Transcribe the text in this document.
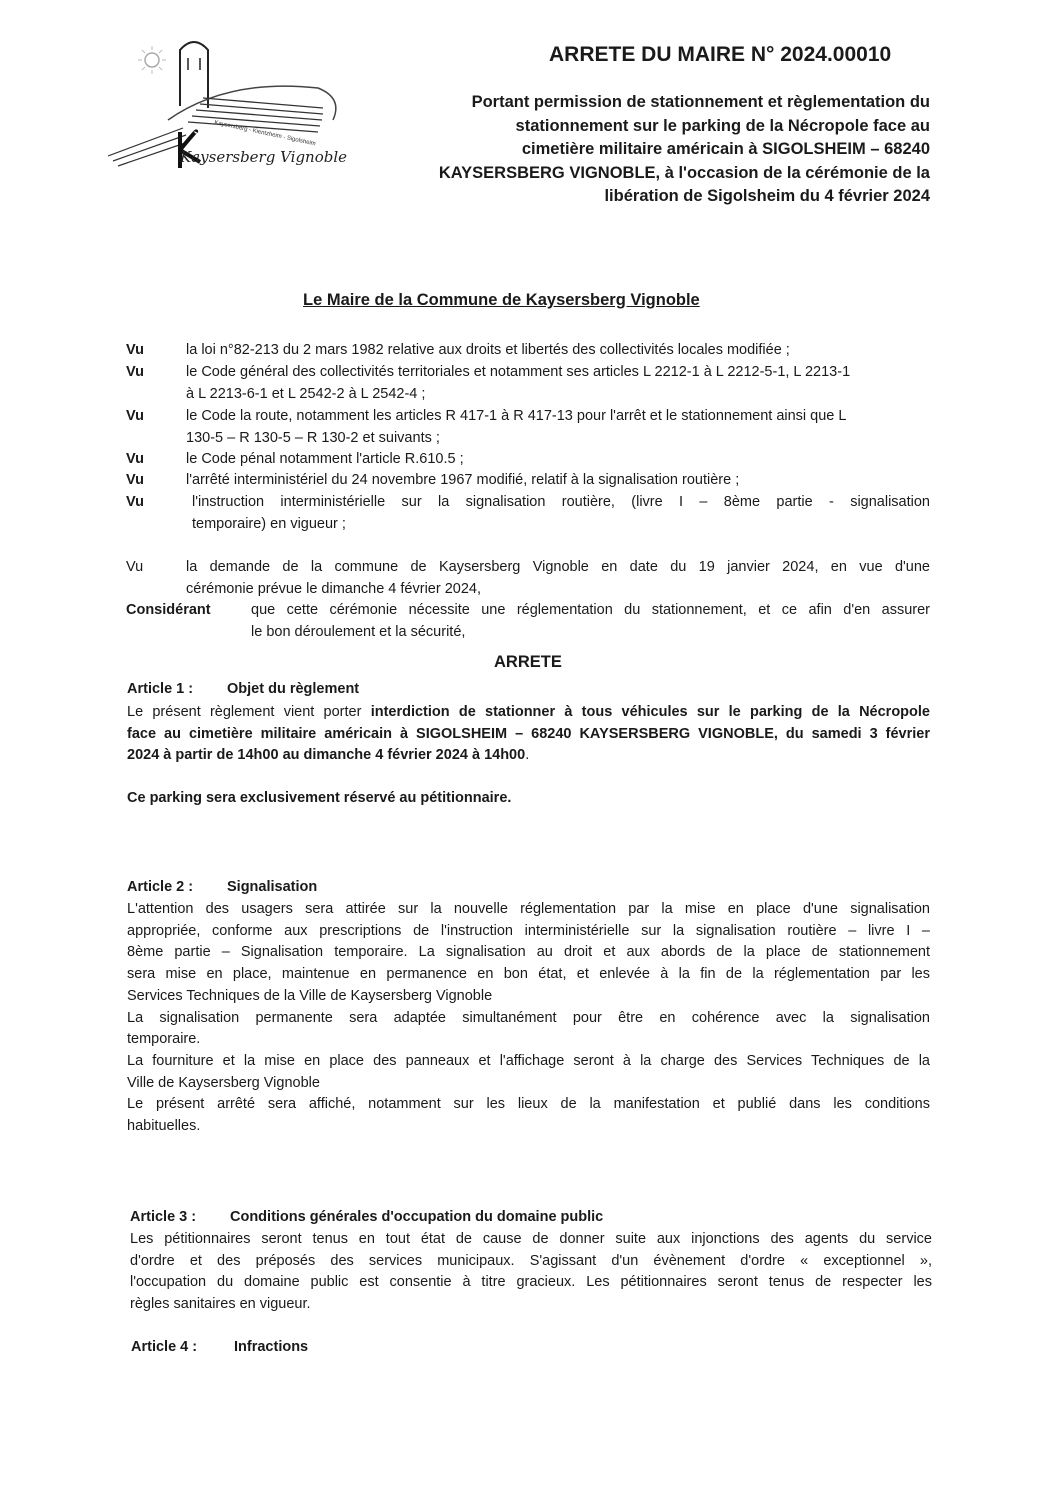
Kaysersberg - Kientzheim - Sigolsheim
Kaysersberg Vignoble
ARRETE DU MAIRE N° 2024.00010
Portant permission de stationnement et règlementation du
stationnement sur le parking de la Nécropole face au
cimetière militaire américain à SIGOLSHEIM – 68240
KAYSERSBERG VIGNOBLE, à l'occasion de la cérémonie de la
libération de Sigolsheim du 4 février 2024
Le Maire de la Commune de Kaysersberg Vignoble
Vu	la loi n°82-213 du 2 mars 1982 relative aux droits et libertés des collectivités locales modifiée ;
Vu	le Code général des collectivités territoriales et notamment ses articles L 2212-1 à L 2212-5-1, L 2213-1
à L 2213-6-1 et L 2542-2 à L 2542-4 ;
Vu	le Code la route, notamment les articles R 417-1 à R 417-13 pour l'arrêt et le stationnement ainsi que L
130-5 – R 130-5 – R 130-2 et suivants ;
Vu	le Code pénal notamment l'article R.610.5 ;
Vu	l'arrêté interministériel du 24 novembre 1967 modifié, relatif à la signalisation routière ;
Vu	l'instruction interministérielle sur la signalisation routière, (livre I – 8ème partie - signalisation
temporaire) en vigueur ;
Vu	la demande de la commune de Kaysersberg Vignoble en date du 19 janvier 2024, en vue d'une
cérémonie prévue le dimanche 4 février 2024,
Considérant	que cette cérémonie nécessite une réglementation du stationnement, et ce afin d'en assurer
le bon déroulement et la sécurité,
ARRETE
Article 1 : Objet du règlement
Le présent règlement vient porter interdiction de stationner à tous véhicules sur le parking de la Nécropole
face au cimetière militaire américain à SIGOLSHEIM – 68240 KAYSERSBERG VIGNOBLE, du samedi 3 février
2024 à partir de 14h00 au dimanche 4 février 2024 à 14h00.
Ce parking sera exclusivement réservé au pétitionnaire.
Article 2 : Signalisation
L'attention des usagers sera attirée sur la nouvelle réglementation par la mise en place d'une signalisation
appropriée, conforme aux prescriptions de l'instruction interministérielle sur la signalisation routière – livre I –
8ème partie – Signalisation temporaire. La signalisation au droit et aux abords de la place de stationnement
sera mise en place, maintenue en permanence en bon état, et enlevée à la fin de la réglementation par les
Services Techniques de la Ville de Kaysersberg Vignoble
La signalisation permanente sera adaptée simultanément pour être en cohérence avec la signalisation
temporaire.
La fourniture et la mise en place des panneaux et l'affichage seront à la charge des Services Techniques de la
Ville de Kaysersberg Vignoble
Le présent arrêté sera affiché, notamment sur les lieux de la manifestation et publié dans les conditions
habituelles.
Article 3 : Conditions générales d'occupation du domaine public
Les pétitionnaires seront tenus en tout état de cause de donner suite aux injonctions des agents du service
d'ordre et des préposés des services municipaux. S'agissant d'un évènement d'ordre « exceptionnel »,
l'occupation du domaine public est consentie à titre gracieux. Les pétitionnaires seront tenus de respecter les
règles sanitaires en vigueur.
Article 4 :	Infractions
